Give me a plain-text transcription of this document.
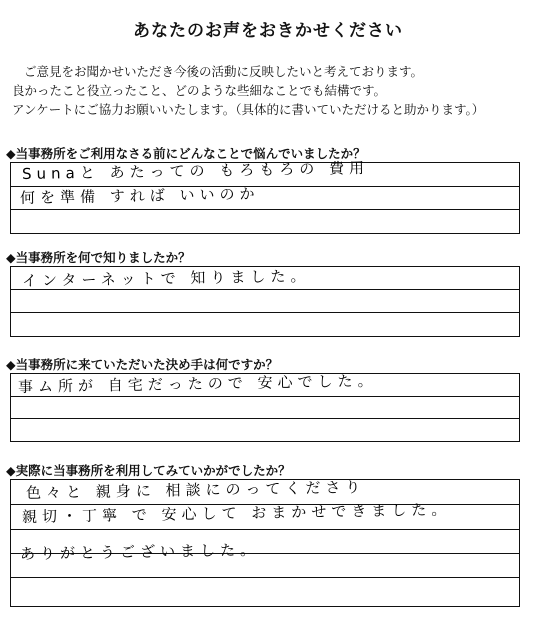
あなたのお声をおきかせください

ご意見をお聞かせいただき今後の活動に反映したいと考えております。

良かったこと役立ったこと、どのような些細なことでも結構です。

アンケートにご協力お願いいたします。（具体的に書いていただけると助かります。）

◆当事務所をご利用なさる前にどんなことで悩んでいましたか？
Sunaと あたっての もろもろの 費用
何を準備 すれば いいのか
◆当事務所を何で知りましたか？
インターネットで 知りました。
◆当事務所に来ていただいた決め手は何ですか？
事ム所が 自宅だったので 安心でした。
◆実際に当事務所を利用してみていかがでしたか？
色々と 親身に 相談にのってくださり
親切・丁寧 で 安心して おまかせできました。
ありがとうございました。
